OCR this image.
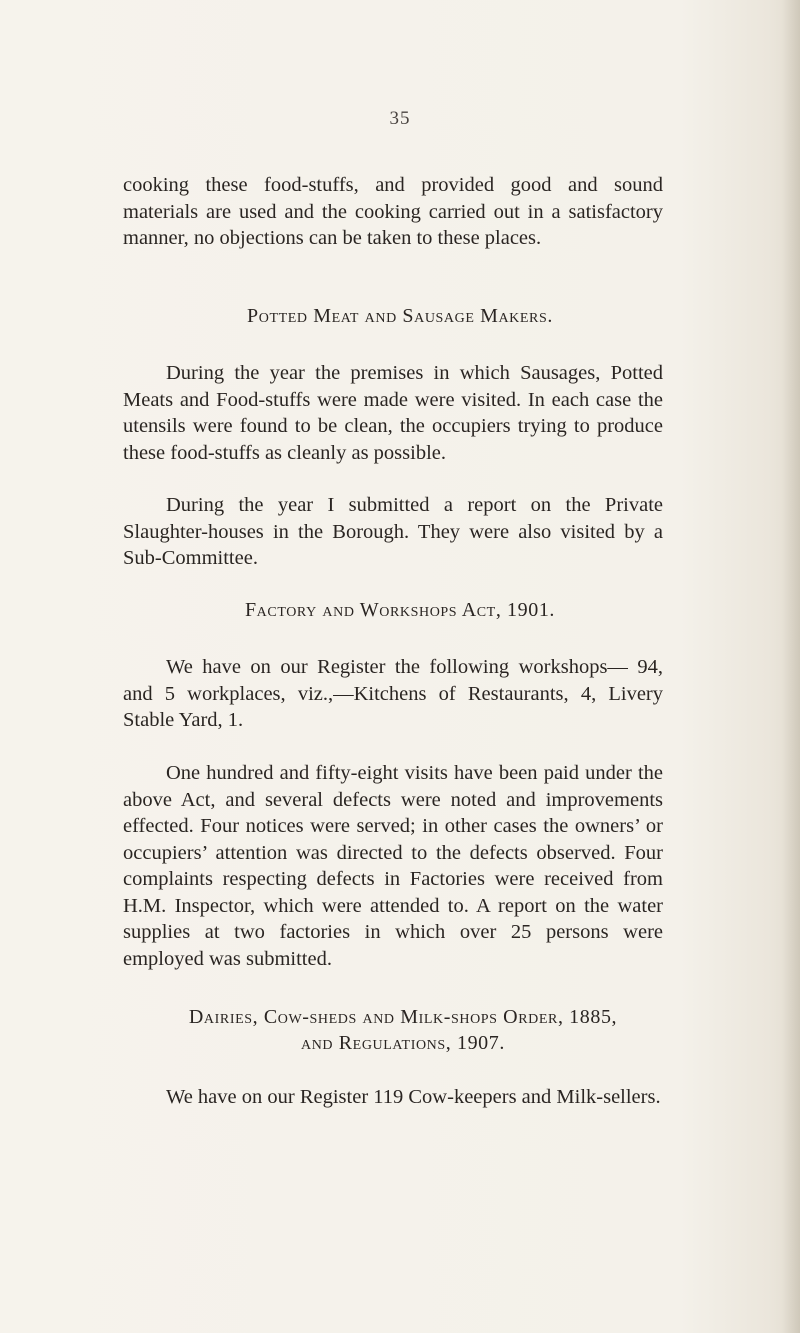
35

cooking these food-stuffs, and provided good and sound materials are used and the cooking carried out in a satisfactory manner, no objections can be taken to these places.

Potted Meat and Sausage Makers.

During the year the premises in which Sausages, Potted Meats and Food-stuffs were made were visited. In each case the utensils were found to be clean, the occupiers trying to produce these food-stuffs as cleanly as possible.

During the year I submitted a report on the Private Slaughter-houses in the Borough. They were also visited by a Sub-Committee.

Factory and Workshops Act, 1901.

We have on our Register the following workshops— 94, and 5 workplaces, viz.,—Kitchens of Restaurants, 4, Livery Stable Yard, 1.

One hundred and fifty-eight visits have been paid under the above Act, and several defects were noted and improvements effected. Four notices were served; in other cases the owners’ or occupiers’ attention was directed to the defects observed. Four complaints respecting defects in Factories were received from H.M. Inspector, which were attended to. A report on the water supplies at two factories in which over 25 persons were employed was submitted.

Dairies, Cow-sheds and Milk-shops Order, 1885,
and Regulations, 1907.

We have on our Register 119 Cow-keepers and Milk-sellers.
